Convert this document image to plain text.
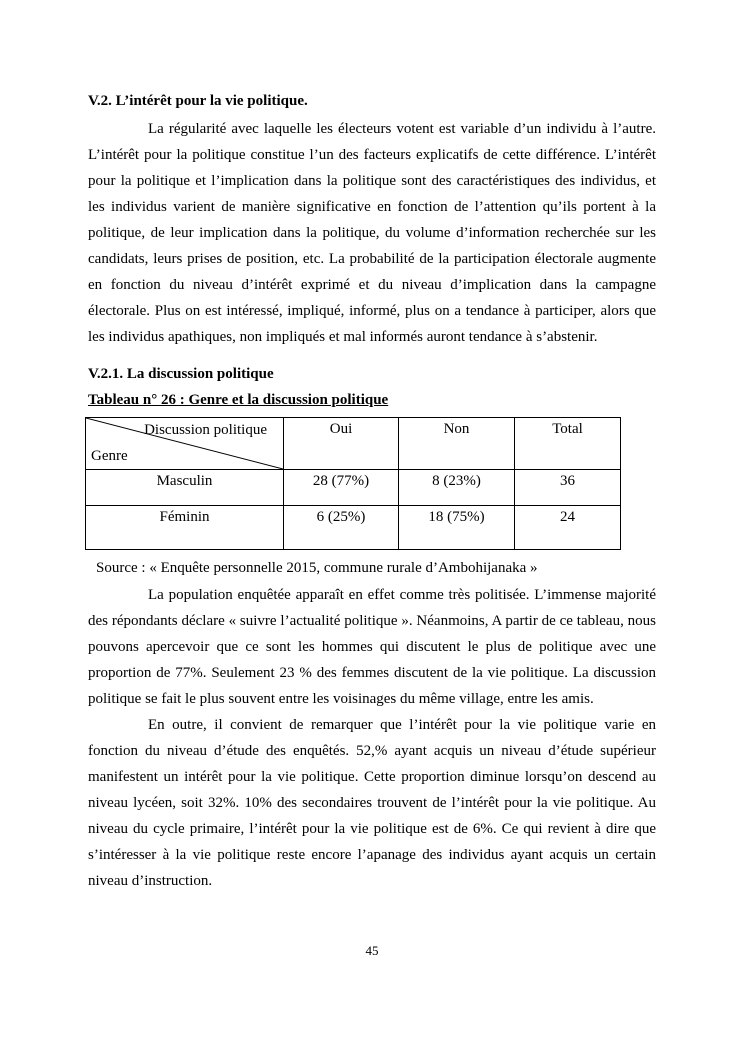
V.2. L’intérêt pour la vie politique.

La régularité avec laquelle les électeurs votent est variable d’un individu à l’autre. L’intérêt pour la politique constitue l’un des facteurs explicatifs de cette différence. L’intérêt pour la politique et l’implication dans la politique sont des caractéristiques des individus, et les individus varient de manière significative en fonction de l’attention qu’ils portent à la politique, de leur implication dans la politique, du volume d’information recherchée sur les candidats, leurs prises de position, etc. La probabilité de la participation électorale augmente en fonction du niveau d’intérêt exprimé et du niveau d’implication dans la campagne électorale. Plus on est intéressé, impliqué, informé, plus on a tendance à participer, alors que les individus apathiques, non impliqués et mal informés auront tendance à s’abstenir.

V.2.1. La discussion politique
Tableau n° 26 : Genre et la discussion politique
Discussion politique
Genre	Oui	Non	Total
Masculin	28 (77%)	8 (23%)	36
Féminin	6 (25%)	18 (75%)	24
Source : « Enquête personnelle 2015, commune rurale d’Ambohijanaka »

La population enquêtée apparaît en effet comme très politisée. L’immense majorité des répondants déclare « suivre l’actualité politique ». Néanmoins, A partir de ce tableau, nous pouvons apercevoir que ce sont les hommes qui discutent le plus de politique avec une proportion de 77%. Seulement 23 % des femmes discutent de la vie politique. La discussion politique se fait le plus souvent entre les voisinages du même village, entre les amis.

En outre, il convient de remarquer que l’intérêt pour la vie politique varie en fonction du niveau d’étude des enquêtés. 52,% ayant acquis un niveau d’étude supérieur manifestent un intérêt pour la vie politique. Cette proportion diminue lorsqu’on descend au niveau lycéen, soit 32%. 10% des secondaires trouvent de l’intérêt pour la vie politique. Au niveau du cycle primaire, l’intérêt pour la vie politique est de 6%. Ce qui revient à dire que s’intéresser à la vie politique reste encore l’apanage des individus ayant acquis un certain niveau d’instruction.

45
